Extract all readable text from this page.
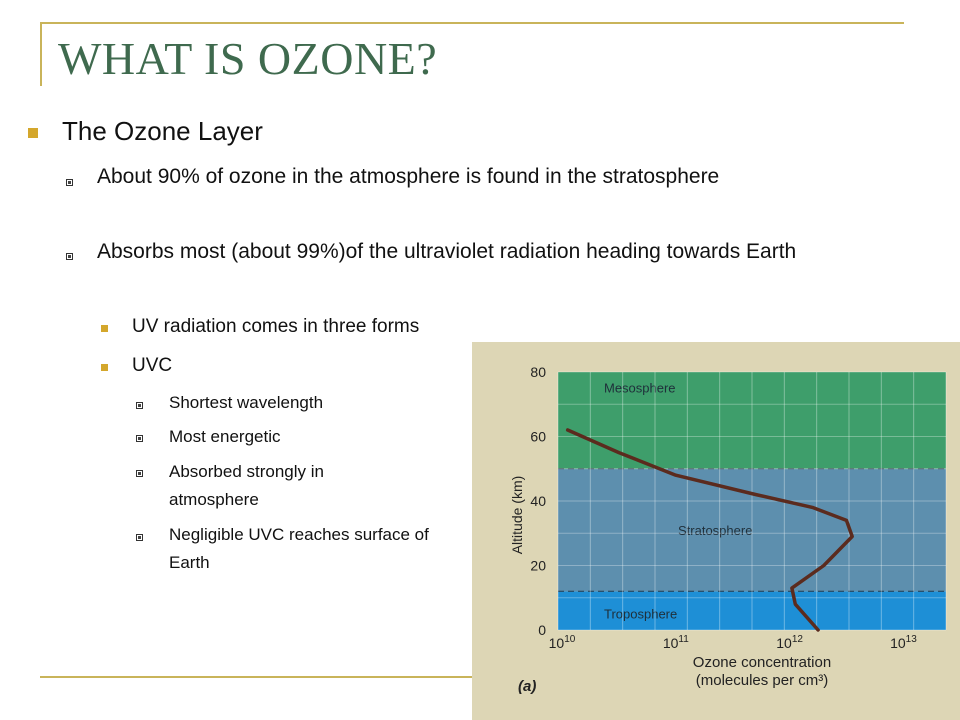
WHAT IS OZONE?
The Ozone Layer
About 90% of ozone in the atmosphere is found in the stratosphere
Absorbs most (about 99%)of the ultraviolet radiation heading towards Earth
UV radiation comes in three forms
UVC
Shortest wavelength
Most energetic
Absorbed strongly in atmosphere
Negligible UVC reaches surface of Earth
Troposphere
Stratosphere
Mesosphere
0
20
40
60
80
$10^{10}$	$10^{11}$	$10^{12}$	$10^{13}$
Altitude (km)
Ozone concentration
(molecules per cm³)
(a)
